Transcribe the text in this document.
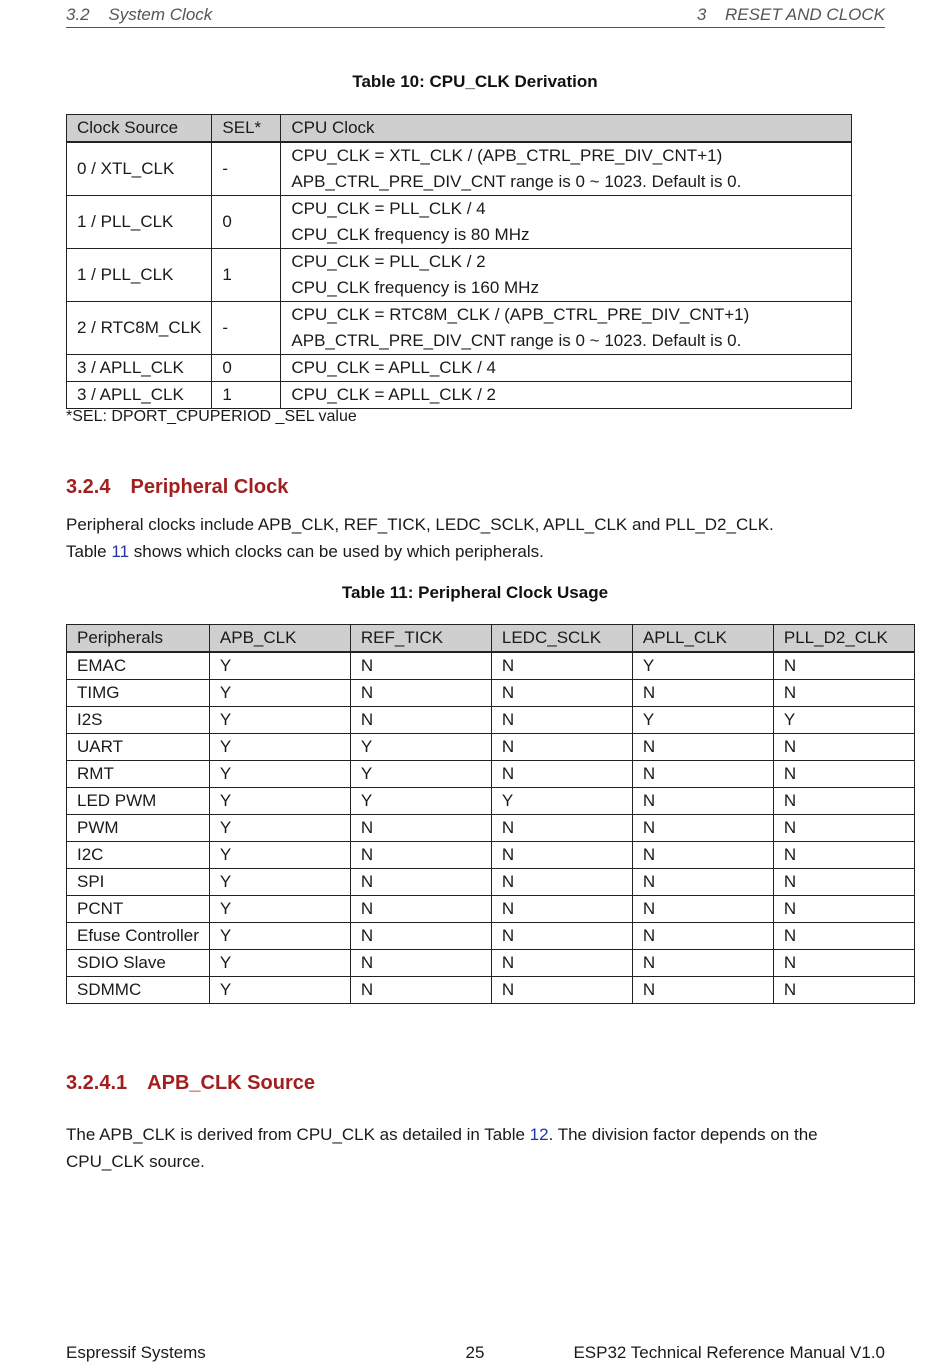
3.2 System Clock	3 RESET AND CLOCK
Table 10: CPU_CLK Derivation
Clock Source	SEL*	CPU Clock
0 / XTL_CLK	-	CPU_CLK = XTL_CLK / (APB_CTRL_PRE_DIV_CNT+1)
APB_CTRL_PRE_DIV_CNT range is 0 ~ 1023. Default is 0.

1 / PLL_CLK	0	CPU_CLK = PLL_CLK / 4
CPU_CLK frequency is 80 MHz

1 / PLL_CLK	1	CPU_CLK = PLL_CLK / 2
CPU_CLK frequency is 160 MHz

2 / RTC8M_CLK	-	CPU_CLK = RTC8M_CLK / (APB_CTRL_PRE_DIV_CNT+1)
APB_CTRL_PRE_DIV_CNT range is 0 ~ 1023. Default is 0.

3 / APLL_CLK	0	CPU_CLK = APLL_CLK / 4
3 / APLL_CLK	1	CPU_CLK = APLL_CLK / 2
*SEL: DPORT_CPUPERIOD _SEL value
3.2.4 Peripheral Clock
Peripheral clocks include APB_CLK, REF_TICK, LEDC_SCLK, APLL_CLK and PLL_D2_CLK.
Table 11 shows which clocks can be used by which peripherals.
Table 11: Peripheral Clock Usage
Peripherals	APB_CLK	REF_TICK	LEDC_SCLK	APLL_CLK	PLL_D2_CLK
EMAC	Y	N	N	Y	N
TIMG	Y	N	N	N	N
I2S	Y	N	N	Y	Y
UART	Y	Y	N	N	N
RMT	Y	Y	N	N	N
LED PWM	Y	Y	Y	N	N
PWM	Y	N	N	N	N
I2C	Y	N	N	N	N
SPI	Y	N	N	N	N
PCNT	Y	N	N	N	N
Efuse Controller	Y	N	N	N	N
SDIO Slave	Y	N	N	N	N
SDMMC	Y	N	N	N	N
3.2.4.1 APB_CLK Source
The APB_CLK is derived from CPU_CLK as detailed in Table 12. The division factor depends on the CPU_CLK source.
Espressif Systems	25	ESP32 Technical Reference Manual V1.0
